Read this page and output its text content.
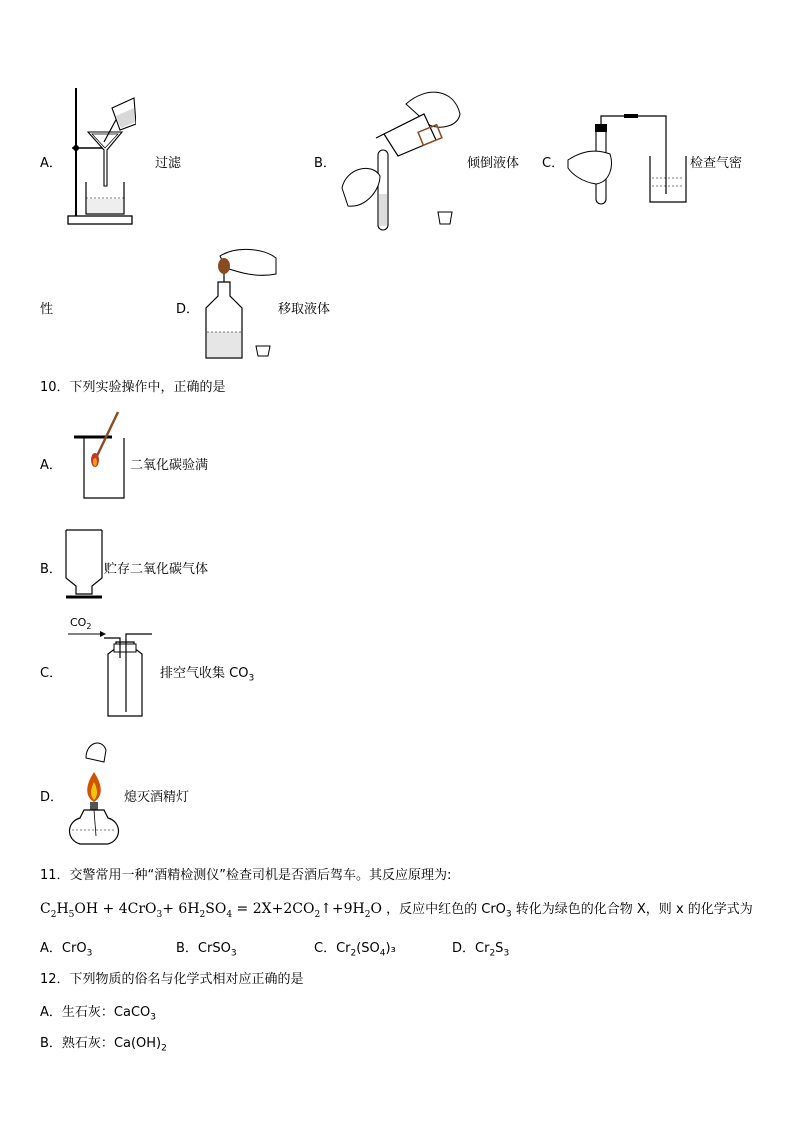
A．	过滤	B．	倾倒液体 C．	检查气密
性	D．	移取液体
10．下列实验操作中，正确的是
A．	二氧化碳验满
B．	贮存二氧化碳气体
C．
$CO_2$
排空气收集 $CO_3$
D．	熄灭酒精灯
11．交警常用一种“酒精检测仪”检查司机是否酒后驾车。其反应原理为:
$C_2H_5OH + 4CrO_3+ 6H_2SO_4$ = $2X+2CO_2↑+9H_2O$ ，反应中红色的 CrO$_3$ 转化为绿色的化合物 X，则 x 的化学式为
A．CrO$_3$	B．CrSO$_3$	C．$Cr_2(SO_4)_3$	D．$Cr_2S_3$
12．下列物质的俗名与化学式相对应正确的是
A．生石灰：CaCO$_3$
B．熟石灰：$Ca(OH)_2$
